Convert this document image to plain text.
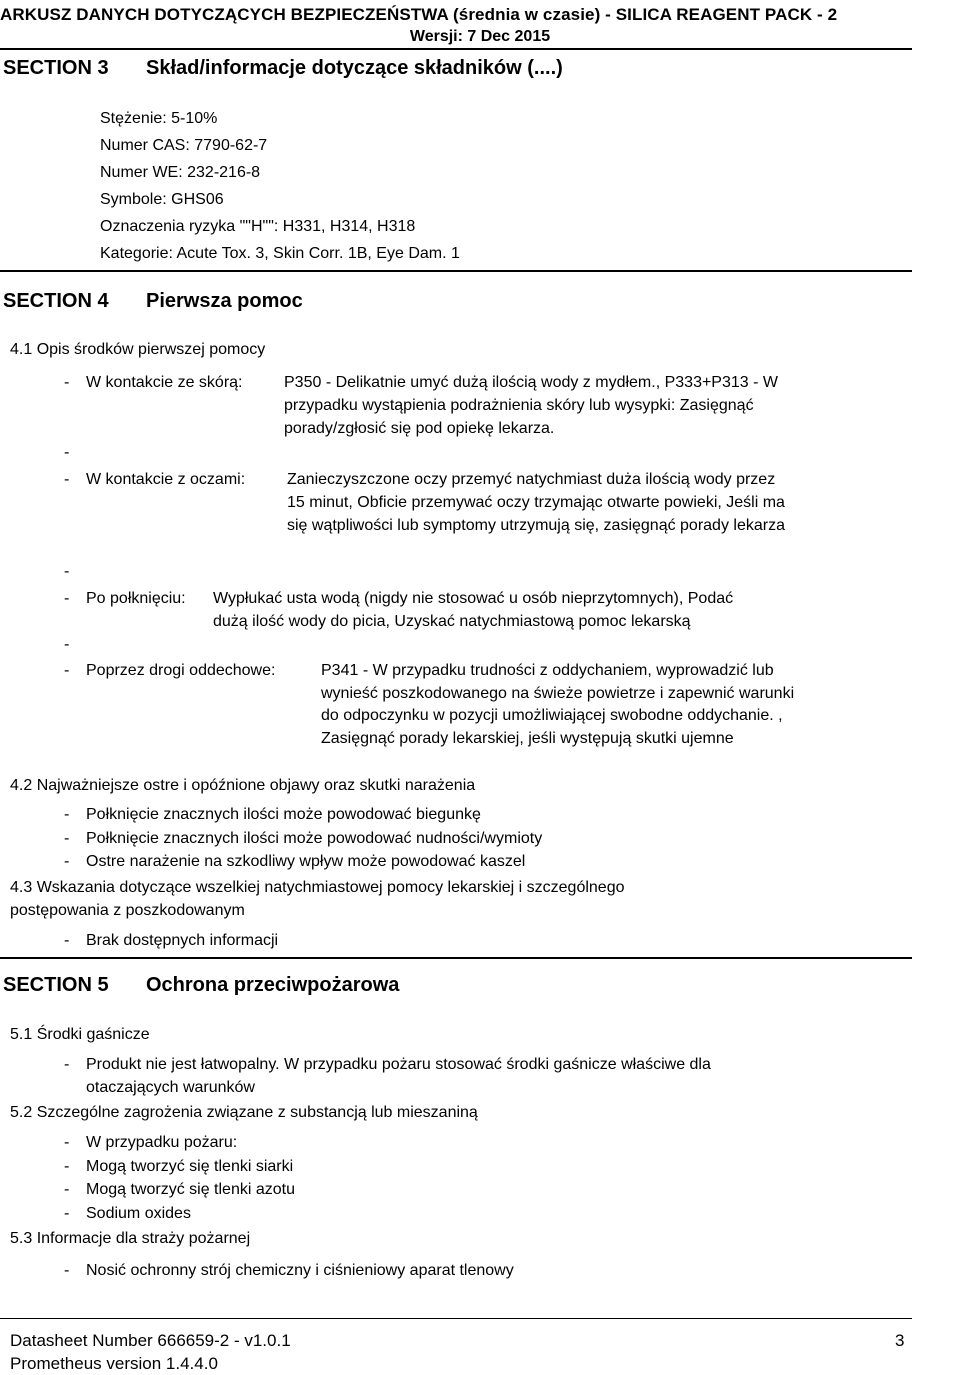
ARKUSZ DANYCH DOTYCZĄCYCH BEZPIECZEŃSTWA (średnia w czasie) - SILICA REAGENT PACK - 2
Wersji: 7 Dec 2015
SECTION 3 Skład/informacje dotyczące składników (....)
Stężenie: 5-10%
Numer CAS: 7790-62-7
Numer WE: 232-216-8
Symbole: GHS06
Oznaczenia ryzyka ""H"": H331, H314, H318
Kategorie: Acute Tox. 3, Skin Corr. 1B, Eye Dam. 1
SECTION 4 Pierwsza pomoc
4.1 Opis środków pierwszej pomocy
- W kontakcie ze skórą:	P350 - Delikatnie umyć dużą ilością wody z mydłem., P333+P313 - W
przypadku wystąpienia podrażnienia skóry lub wysypki: Zasięgnąć
porady/zgłosić się pod opiekę lekarza.
-
- W kontakcie z oczami:	Zanieczyszczone oczy przemyć natychmiast duża ilością wody przez
15 minut, Obficie przemywać oczy trzymając otwarte powieki, Jeśli ma
się wątpliwości lub symptomy utrzymują się, zasięgnąć porady lekarza
-
- Po połknięciu: Wypłukać usta wodą (nigdy nie stosować u osób nieprzytomnych), Podać
dużą ilość wody do picia, Uzyskać natychmiastową pomoc lekarską
-
- Poprzez drogi oddechowe:	P341 - W przypadku trudności z oddychaniem, wyprowadzić lub
wynieść poszkodowanego na świeże powietrze i zapewnić warunki
do odpoczynku w pozycji umożliwiającej swobodne oddychanie. ,
Zasięgnąć porady lekarskiej, jeśli występują skutki ujemne
4.2 Najważniejsze ostre i opóźnione objawy oraz skutki narażenia
- Połknięcie znacznych ilości może powodować biegunkę
- Połknięcie znacznych ilości może powodować nudności/wymioty
- Ostre narażenie na szkodliwy wpływ może powodować kaszel
4.3 Wskazania dotyczące wszelkiej natychmiastowej pomocy lekarskiej i szczególnego
postępowania z poszkodowanym
- Brak dostępnych informacji
SECTION 5 Ochrona przeciwpożarowa
5.1 Środki gaśnicze
- Produkt nie jest łatwopalny. W przypadku pożaru stosować środki gaśnicze właściwe dla
otaczających warunków
5.2 Szczególne zagrożenia związane z substancją lub mieszaniną
- W przypadku pożaru:
- Mogą tworzyć się tlenki siarki
- Mogą tworzyć się tlenki azotu
- Sodium oxides
5.3 Informacje dla straży pożarnej
- Nosić ochronny strój chemiczny i ciśnieniowy aparat tlenowy
Datasheet Number 666659-2 - v1.0.1
Prometheus version 1.4.4.0
3
